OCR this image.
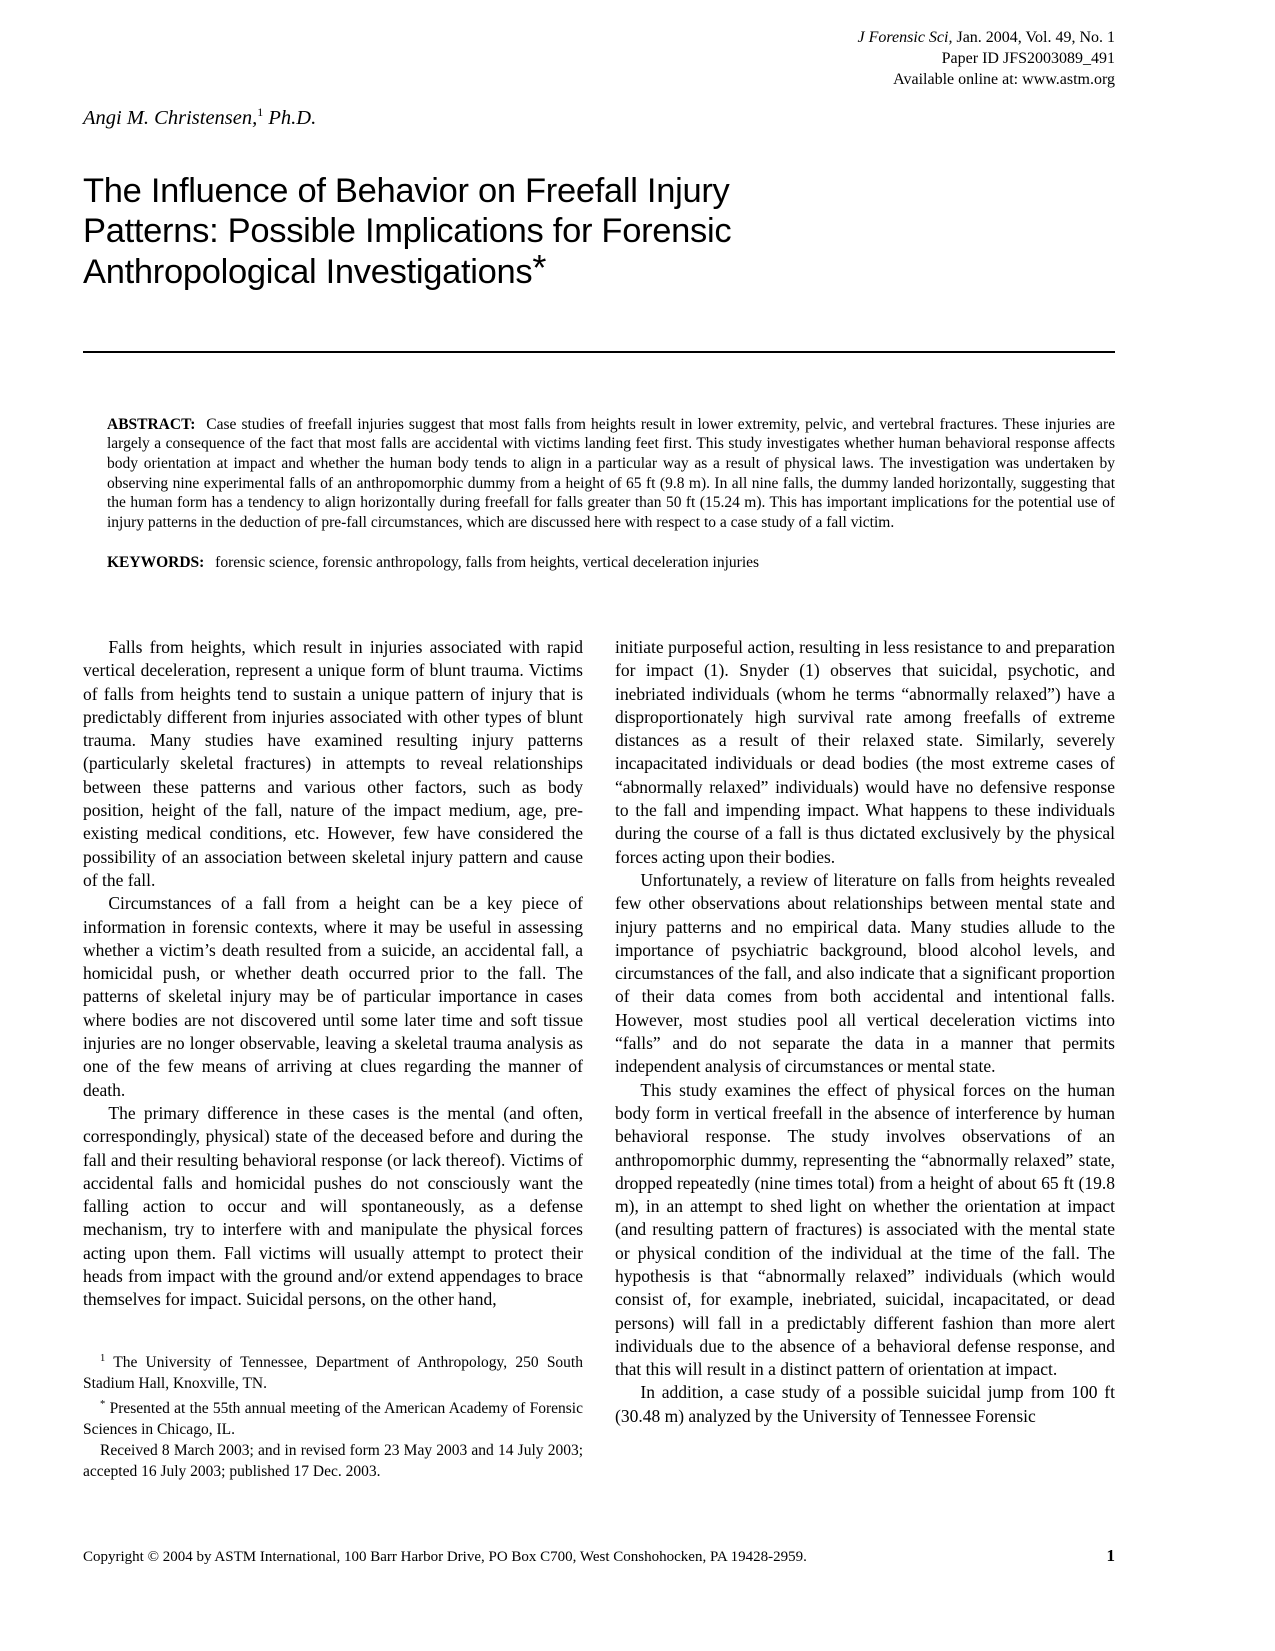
J Forensic Sci, Jan. 2004, Vol. 49, No. 1
Paper ID JFS2003089_491
Available online at: www.astm.org
Angi M. Christensen,$^1$ Ph.D.
The Influence of Behavior on Freefall Injury
Patterns: Possible Implications for Forensic
Anthropological Investigations*

ABSTRACT: Case studies of freefall injuries suggest that most falls from heights result in lower extremity, pelvic, and vertebral fractures. These injuries are largely a consequence of the fact that most falls are accidental with victims landing feet first. This study investigates whether human behavioral response affects body orientation at impact and whether the human body tends to align in a particular way as a result of physical laws. The investigation was undertaken by observing nine experimental falls of an anthropomorphic dummy from a height of 65 ft (9.8 m). In all nine falls, the dummy landed horizontally, suggesting that the human form has a tendency to align horizontally during freefall for falls greater than 50 ft (15.24 m). This has important implications for the potential use of injury patterns in the deduction of pre-fall circumstances, which are discussed here with respect to a case study of a fall victim.

KEYWORDS: forensic science, forensic anthropology, falls from heights, vertical deceleration injuries

Falls from heights, which result in injuries associated with rapid vertical deceleration, represent a unique form of blunt trauma. Victims of falls from heights tend to sustain a unique pattern of injury that is predictably different from injuries associated with other types of blunt trauma. Many studies have examined resulting injury patterns (particularly skeletal fractures) in attempts to reveal relationships between these patterns and various other factors, such as body position, height of the fall, nature of the impact medium, age, pre-existing medical conditions, etc. However, few have considered the possibility of an association between skeletal injury pattern and cause of the fall.

Circumstances of a fall from a height can be a key piece of information in forensic contexts, where it may be useful in assessing whether a victim’s death resulted from a suicide, an accidental fall, a homicidal push, or whether death occurred prior to the fall. The patterns of skeletal injury may be of particular importance in cases where bodies are not discovered until some later time and soft tissue injuries are no longer observable, leaving a skeletal trauma analysis as one of the few means of arriving at clues regarding the manner of death.

The primary difference in these cases is the mental (and often, correspondingly, physical) state of the deceased before and during the fall and their resulting behavioral response (or lack thereof). Victims of accidental falls and homicidal pushes do not consciously want the falling action to occur and will spontaneously, as a defense mechanism, try to interfere with and manipulate the physical forces acting upon them. Fall victims will usually attempt to protect their heads from impact with the ground and/or extend appendages to brace themselves for impact. Suicidal persons, on the other hand,

$^1$ The University of Tennessee, Department of Anthropology, 250 South Stadium Hall, Knoxville, TN.

* Presented at the 55th annual meeting of the American Academy of Forensic Sciences in Chicago, IL.

Received 8 March 2003; and in revised form 23 May 2003 and 14 July 2003; accepted 16 July 2003; published 17 Dec. 2003.

initiate purposeful action, resulting in less resistance to and preparation for impact (1). Snyder (1) observes that suicidal, psychotic, and inebriated individuals (whom he terms “abnormally relaxed”) have a disproportionately high survival rate among freefalls of extreme distances as a result of their relaxed state. Similarly, severely incapacitated individuals or dead bodies (the most extreme cases of “abnormally relaxed” individuals) would have no defensive response to the fall and impending impact. What happens to these individuals during the course of a fall is thus dictated exclusively by the physical forces acting upon their bodies.

Unfortunately, a review of literature on falls from heights revealed few other observations about relationships between mental state and injury patterns and no empirical data. Many studies allude to the importance of psychiatric background, blood alcohol levels, and circumstances of the fall, and also indicate that a significant proportion of their data comes from both accidental and intentional falls. However, most studies pool all vertical deceleration victims into “falls” and do not separate the data in a manner that permits independent analysis of circumstances or mental state.

This study examines the effect of physical forces on the human body form in vertical freefall in the absence of interference by human behavioral response. The study involves observations of an anthropomorphic dummy, representing the “abnormally relaxed” state, dropped repeatedly (nine times total) from a height of about 65 ft (19.8 m), in an attempt to shed light on whether the orientation at impact (and resulting pattern of fractures) is associated with the mental state or physical condition of the individual at the time of the fall. The hypothesis is that “abnormally relaxed” individuals (which would consist of, for example, inebriated, suicidal, incapacitated, or dead persons) will fall in a predictably different fashion than more alert individuals due to the absence of a behavioral defense response, and that this will result in a distinct pattern of orientation at impact.

In addition, a case study of a possible suicidal jump from 100 ft (30.48 m) analyzed by the University of Tennessee Forensic

Copyright © 2004 by ASTM International, 100 Barr Harbor Drive, PO Box C700, West Conshohocken, PA 19428-2959.	1
